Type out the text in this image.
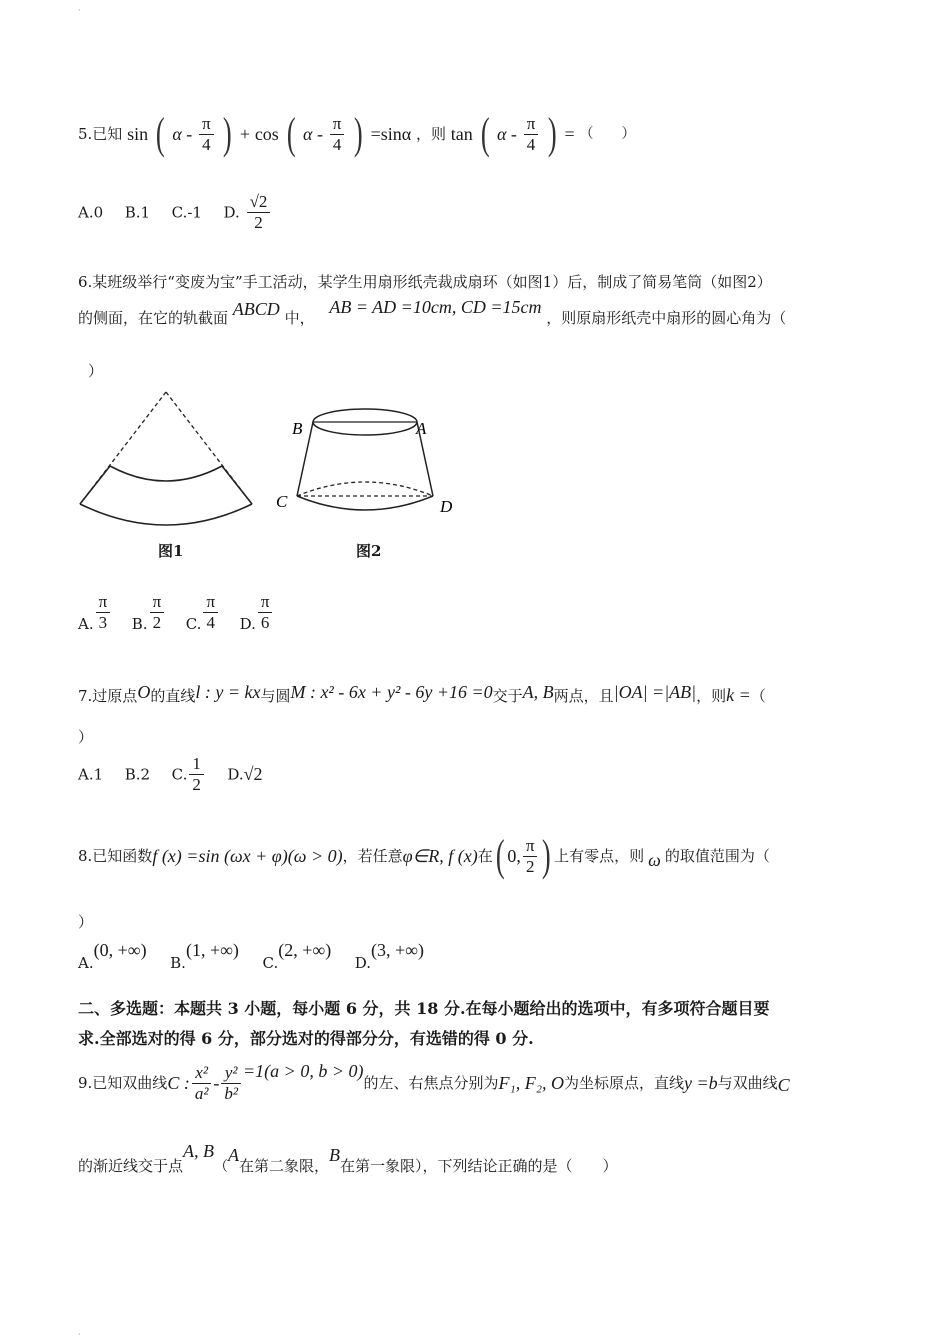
·
5.已知 sin ( α - $\frac{\pi}{4}$ ) + cos ( α - $\frac{\pi}{4}$ ) =sinα ，则 tan ( α - $\frac{\pi}{4}$ ) = （　　）
A.0 B.1 C.-1 D. $\frac{√2}{2}$
6.某班级举行“变废为宝”手工活动，某学生用扇形纸壳裁成扇环（如图1）后，制成了简易笔筒（如图2）
的侧面，在它的轨截面 ABCD 中， AB = AD =10cm, CD =15cm ，则原扇形纸壳中扇形的圆心角为（
）
图1
B	A
C	D
图2
A. $\frac{\pi}{3} B$. $\frac{\pi}{2} C$. $\frac{\pi}{4} D$. $\frac{\pi}{6}$
7.过原点O的直线l : y = kx与圆M : x² - 6x + y² - 6y +16 =0交于A, B两点，且|OA| =|AB|，则k =（
）
A.1 B.2 C. $\frac{1}{2} D.√2$
8.已知函数f (x) =sin (ωx + φ)(ω > 0)，若任意φ∈R, f (x)在( 0, $\frac{\pi}{2}$ ) 上有零点，则 ω 的取值范围为（
）
A.(0, +∞)  B.(1, +∞)  C.(2, +∞)  D.(3, +∞)
二、多选题：本题共 3 小题，每小题 6 分，共 18 分.在每小题给出的选项中，有多项符合题目要
求.全部选对的得 6 分，部分选对的得部分分，有选错的得 0 分.
9.已知双曲线C : $\frac{\text{x²}}{\text{a²}} - \frac{\text{y²}}{\text{b²}} =1(a > 0$, b > 0)的左、右焦点分别为F₁, F₂, O为坐标原点，直线y =b与双曲线C
的渐近线交于点A, B（A在第二象限，B在第一象限），下列结论正确的是（　　）
·
